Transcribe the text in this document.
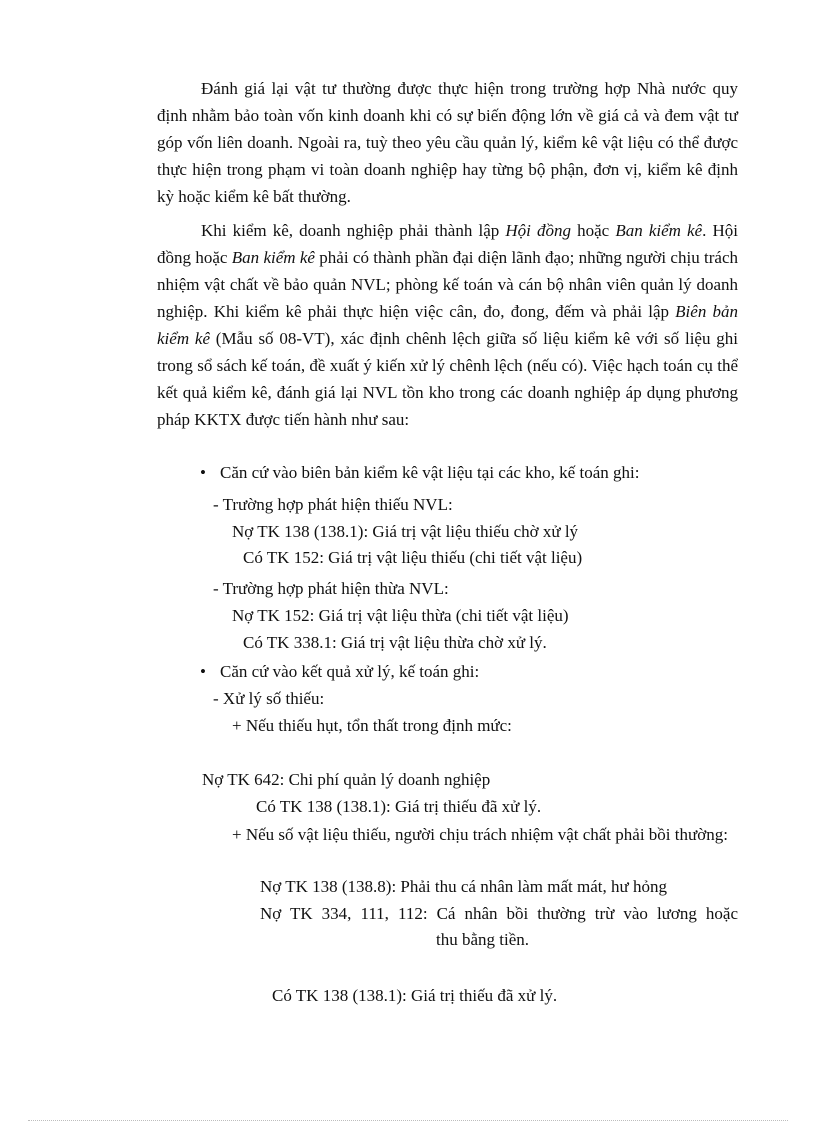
Đánh giá lại vật tư thường được thực hiện trong trường hợp Nhà nước quy định nhằm bảo toàn vốn kinh doanh khi có sự biến động lớn về giá cả và đem vật tư góp vốn liên doanh. Ngoài ra, tuỳ theo yêu cầu quản lý, kiểm kê vật liệu có thể được thực hiện trong phạm vi toàn doanh nghiệp hay từng bộ phận, đơn vị, kiểm kê định kỳ hoặc kiểm kê bất thường.

Khi kiểm kê, doanh nghiệp phải thành lập Hội đồng hoặc Ban kiểm kê. Hội đồng hoặc Ban kiểm kê phải có thành phần đại diện lãnh đạo; những người chịu trách nhiệm vật chất về bảo quản NVL; phòng kế toán và cán bộ nhân viên quản lý doanh nghiệp. Khi kiểm kê phải thực hiện việc cân, đo, đong, đếm và phải lập Biên bản kiểm kê (Mẫu số 08-VT), xác định chênh lệch giữa số liệu kiểm kê với số liệu ghi trong sổ sách kế toán, đề xuất ý kiến xử lý chênh lệch (nếu có). Việc hạch toán cụ thể kết quả kiểm kê, đánh giá lại NVL tồn kho trong các doanh nghiệp áp dụng phương pháp KKTX được tiến hành như sau:

• Căn cứ vào biên bản kiểm kê vật liệu tại các kho, kế toán ghi:
- Trường hợp phát hiện thiếu NVL:
Nợ TK 138 (138.1): Giá trị vật liệu thiếu chờ xử lý
Có TK 152: Giá trị vật liệu thiếu (chi tiết vật liệu)
- Trường hợp phát hiện thừa NVL:
Nợ TK 152: Giá trị vật liệu thừa (chi tiết vật liệu)
Có TK 338.1: Giá trị vật liệu thừa chờ xử lý.
• Căn cứ vào kết quả xử lý, kế toán ghi:
- Xử lý số thiếu:
+ Nếu thiếu hụt, tổn thất trong định mức:
Nợ TK 642: Chi phí quản lý doanh nghiệp
Có TK 138 (138.1): Giá trị thiếu đã xử lý.

+ Nếu số vật liệu thiếu, người chịu trách nhiệm vật chất phải bồi thường:

Nợ TK 138 (138.8): Phải thu cá nhân làm mất mát, hư hỏng
Nợ TK 334, 111, 112: Cá nhân bồi thường trừ vào lương hoặc
thu bằng tiền.
Có TK 138 (138.1): Giá trị thiếu đã xử lý.
